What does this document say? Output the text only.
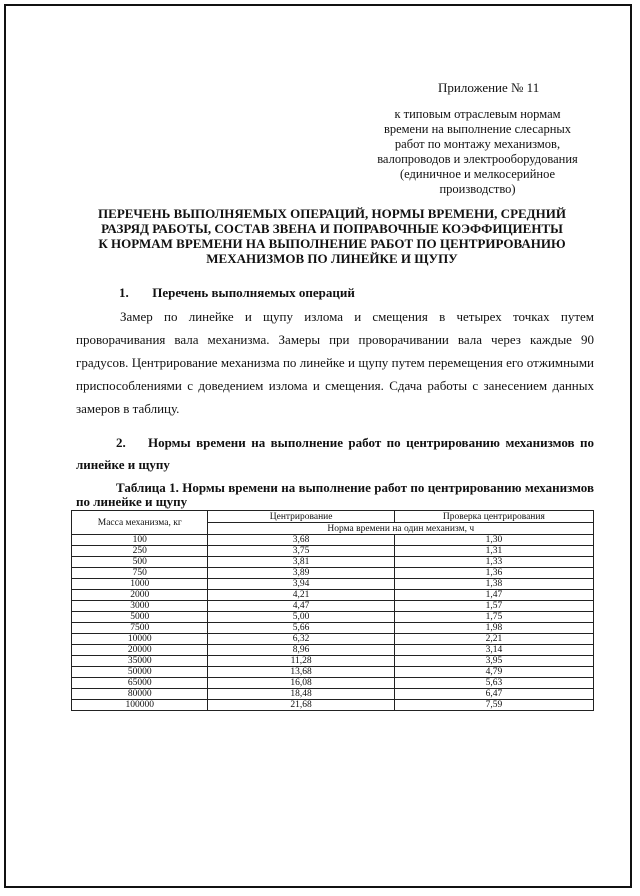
Приложение № 11
к типовым отраслевым нормам
времени на выполнение слесарных
работ по монтажу механизмов,
валопроводов и электрооборудования
(единичное и мелкосерийное
производство)
ПЕРЕЧЕНЬ ВЫПОЛНЯЕМЫХ ОПЕРАЦИЙ, НОРМЫ ВРЕМЕНИ, СРЕДНИЙ
РАЗРЯД РАБОТЫ, СОСТАВ ЗВЕНА И ПОПРАВОЧНЫЕ КОЭФФИЦИЕНТЫ
К НОРМАМ ВРЕМЕНИ НА ВЫПОЛНЕНИЕ РАБОТ ПО ЦЕНТРИРОВАНИЮ
МЕХАНИЗМОВ ПО ЛИНЕЙКЕ И ЩУПУ
1. Перечень выполняемых операций
Замер по линейке и щупу излома и смещения в четырех точках путем проворачивания вала механизма. Замеры при проворачивании вала через каждые 90 градусов. Центрирование механизма по линейке и щупу путем перемещения его отжимными приспособлениями с доведением излома и смещения. Сдача работы с занесением данных замеров в таблицу.
2. Нормы времени на выполнение работ по центрированию механизмов по линейке и щупу
Таблица 1. Нормы времени на выполнение работ по центрированию механизмов по линейке и щупу
Масса механизма, кг	Центрирование	Проверка центрирования
	Норма времени на один механизм, ч	
100	3,68	1,30
250	3,75	1,31
500	3,81	1,33
750	3,89	1,36
1000	3,94	1,38
2000	4,21	1,47
3000	4,47	1,57
5000	5,00	1,75
7500	5,66	1,98
10000	6,32	2,21
20000	8,96	3,14
35000	11,28	3,95
50000	13,68	4,79
65000	16,08	5,63
80000	18,48	6,47
100000	21,68	7,59
